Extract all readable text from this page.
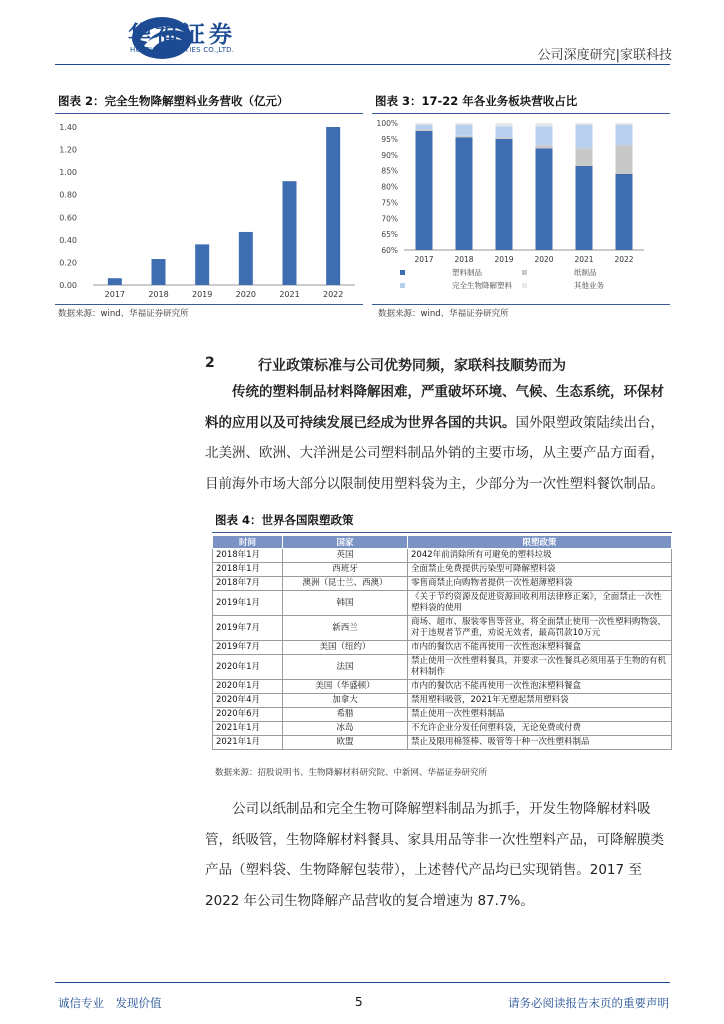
华福证券
HUAFU SECURITIES CO.,LTD.	公司深度研究|家联科技
图表 2：完全生物降解塑料业务营收（亿元）
0.00
0.20
0.40
0.60
0.80
1.00
1.20
1.40
2017	2018	2019	2020	2021	2022
数据来源：wind、华福证券研究所
图表 3：17-22 年各业务板块营收占比
60%
65%
70%
75%
80%
85%
90%
95%
100%
2017	2018	2019	2020	2021	2022
塑料制品	纸制品
完全生物降解塑料	其他业务
数据来源：wind、华福证券研究所
2	行业政策标准与公司优势同频，家联科技顺势而为

传统的塑料制品材料降解困难，严重破坏环境、气候、生态系统，环保材料的应用以及可持续发展已经成为世界各国的共识。国外限塑政策陆续出台，北美洲、欧洲、大洋洲是公司塑料制品外销的主要市场，从主要产品方面看，目前海外市场大部分以限制使用塑料袋为主，少部分为一次性塑料餐饮制品。

图表 4：世界各国限塑政策
时间	国家	限塑政策
2018年1月	英国	2042年前消除所有可避免的塑料垃圾
2018年1月	西班牙	全面禁止免费提供污染型可降解塑料袋
2018年7月	澳洲（昆士兰、西澳）	零售商禁止向购物者提供一次性超薄塑料袋
2019年1月	韩国	《关于节约资源及促进资源回收利用法律修正案》，全面禁止一次性塑料袋的使用
2019年7月	新西兰	商场、超市、服装零售等营业，将全面禁止使用一次性塑料购物袋，对于违规者节严重，劝说无效者，最高罚款10万元
2019年7月	美国（纽约）	市内的餐饮店不能再使用一次性泡沫塑料餐盒
2020年1月	法国	禁止使用一次性塑料餐具，并要求一次性餐具必须用基于生物的有机材料制作
2020年1月	美国（华盛顿）	市内的餐饮店不能再使用一次性泡沫塑料餐盒
2020年4月	加拿大	禁用塑料吸管，2021年无塑起禁用塑料袋
2020年6月	希腊	禁止使用一次性塑料制品
2021年1月	冰岛	不允许企业分发任何塑料袋，无论免费或付费
2021年1月	欧盟	禁止及限用棉签棒、吸管等十种一次性塑料制品
数据来源：招股说明书、生物降解材料研究院、中新网、华福证券研究所

公司以纸制品和完全生物可降解塑料制品为抓手，开发生物降解材料吸管，纸吸管，生物降解材料餐具、家具用品等非一次性塑料产品，可降解膜类产品（塑料袋、生物降解包装带），上述替代产品均已实现销售。2017 至 2022 年公司生物降解产品营收的复合增速为 87.7%。

诚信专业　发现价值	5	请务必阅读报告末页的重要声明
